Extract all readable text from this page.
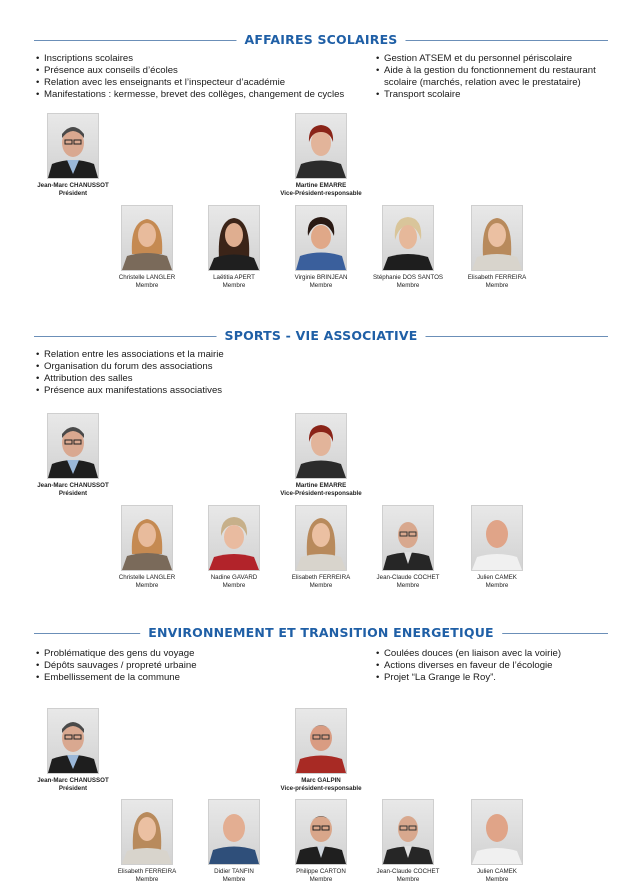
AFFAIRES SCOLAIRES
• Inscriptions scolaires
• Présence aux conseils d’écoles
• Relation avec les enseignants et l’inspecteur d’académie
• Manifestations : kermesse, brevet des collèges, changement de cycles
• Gestion ATSEM et du personnel périscolaire
• Aide à la gestion du fonctionnement du restaurant
scolaire (marchés, relation avec le prestataire)
• Transport scolaire
Jean-Marc CHANUSSOT
Président
Martine EMARRE
Vice-Président-responsable
Christelle LANGLER
Membre
Laëtitia APERT
Membre
Virginie BRINJEAN
Membre
Stéphanie DOS SANTOS
Membre
Elisabeth FERREIRA
Membre
SPORTS - VIE ASSOCIATIVE
• Relation entre les associations et la mairie
• Organisation du forum des associations
• Attribution des salles
• Présence aux manifestations associatives
Jean-Marc CHANUSSOT
Président
Martine EMARRE
Vice-Président-responsable
Christelle LANGLER
Membre
Nadine GAVARD
Membre
Elisabeth FERREIRA
Membre
Jean-Claude COCHET
Membre
Julien CAMEK
Membre
ENVIRONNEMENT ET TRANSITION ENERGETIQUE
• Problématique des gens du voyage
• Dépôts sauvages / propreté urbaine
• Embellissement de la commune
• Coulées douces (en liaison avec la voirie)
• Actions diverses en faveur de l’écologie
• Projet “La Grange le Roy”.
Jean-Marc CHANUSSOT
Président
Marc GALPIN
Vice-président-responsable
Elisabeth FERREIRA
Membre
Didier TANFIN
Membre
Philippe CARTON
Membre
Jean-Claude COCHET
Membre
Julien CAMEK
Membre
